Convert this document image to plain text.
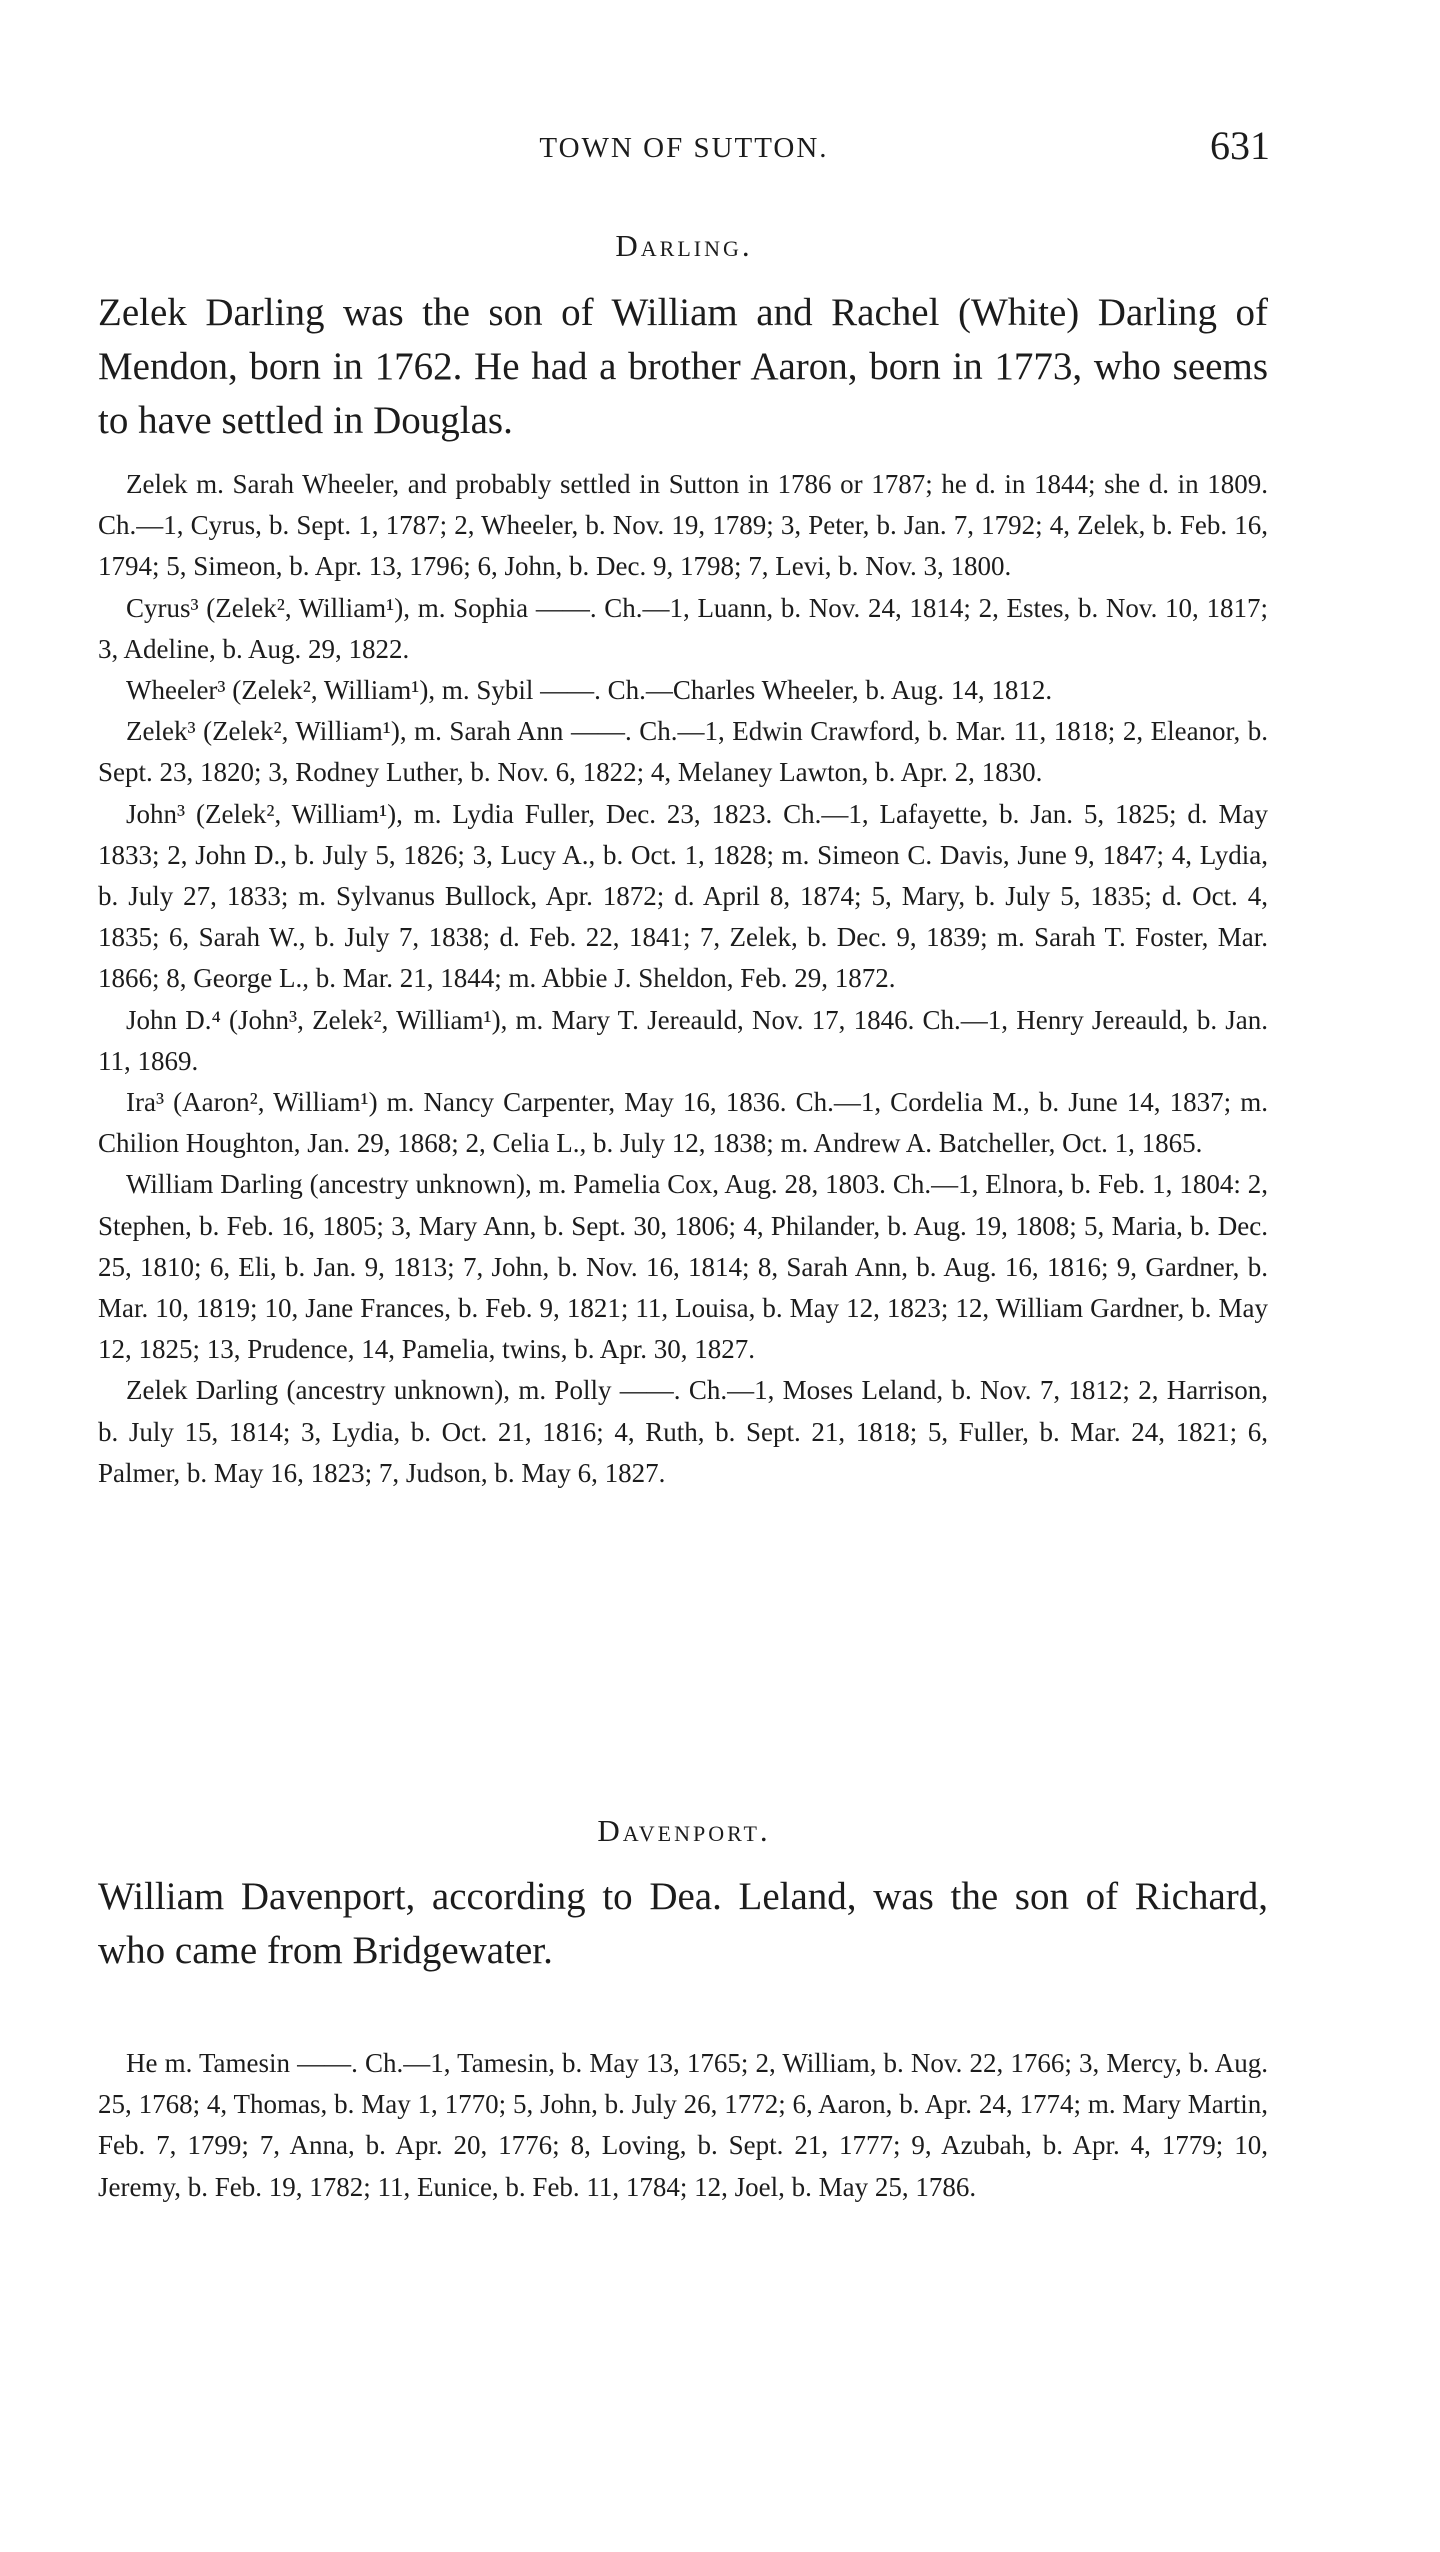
TOWN OF SUTTON.	631
Darling.
Zelek Darling was the son of William and Rachel (White) Darling of Mendon, born in 1762. He had a brother Aaron, born in 1773, who seems to have settled in Douglas.

Zelek m. Sarah Wheeler, and probably settled in Sutton in 1786 or 1787; he d. in 1844; she d. in 1809. Ch.—1, Cyrus, b. Sept. 1, 1787; 2, Wheeler, b. Nov. 19, 1789; 3, Peter, b. Jan. 7, 1792; 4, Zelek, b. Feb. 16, 1794; 5, Simeon, b. Apr. 13, 1796; 6, John, b. Dec. 9, 1798; 7, Levi, b. Nov. 3, 1800.

Cyrus³ (Zelek², William¹), m. Sophia ——. Ch.—1, Luann, b. Nov. 24, 1814; 2, Estes, b. Nov. 10, 1817; 3, Adeline, b. Aug. 29, 1822.

Wheeler³ (Zelek², William¹), m. Sybil ——. Ch.—Charles Wheeler, b. Aug. 14, 1812.

Zelek³ (Zelek², William¹), m. Sarah Ann ——. Ch.—1, Edwin Crawford, b. Mar. 11, 1818; 2, Eleanor, b. Sept. 23, 1820; 3, Rodney Luther, b. Nov. 6, 1822; 4, Melaney Lawton, b. Apr. 2, 1830.

John³ (Zelek², William¹), m. Lydia Fuller, Dec. 23, 1823. Ch.—1, Lafayette, b. Jan. 5, 1825; d. May 1833; 2, John D., b. July 5, 1826; 3, Lucy A., b. Oct. 1, 1828; m. Simeon C. Davis, June 9, 1847; 4, Lydia, b. July 27, 1833; m. Sylvanus Bullock, Apr. 1872; d. April 8, 1874; 5, Mary, b. July 5, 1835; d. Oct. 4, 1835; 6, Sarah W., b. July 7, 1838; d. Feb. 22, 1841; 7, Zelek, b. Dec. 9, 1839; m. Sarah T. Foster, Mar. 1866; 8, George L., b. Mar. 21, 1844; m. Abbie J. Sheldon, Feb. 29, 1872.

John D.⁴ (John³, Zelek², William¹), m. Mary T. Jereauld, Nov. 17, 1846. Ch.—1, Henry Jereauld, b. Jan. 11, 1869.

Ira³ (Aaron², William¹) m. Nancy Carpenter, May 16, 1836. Ch.—1, Cordelia M., b. June 14, 1837; m. Chilion Houghton, Jan. 29, 1868; 2, Celia L., b. July 12, 1838; m. Andrew A. Batcheller, Oct. 1, 1865.

William Darling (ancestry unknown), m. Pamelia Cox, Aug. 28, 1803. Ch.—1, Elnora, b. Feb. 1, 1804: 2, Stephen, b. Feb. 16, 1805; 3, Mary Ann, b. Sept. 30, 1806; 4, Philander, b. Aug. 19, 1808; 5, Maria, b. Dec. 25, 1810; 6, Eli, b. Jan. 9, 1813; 7, John, b. Nov. 16, 1814; 8, Sarah Ann, b. Aug. 16, 1816; 9, Gardner, b. Mar. 10, 1819; 10, Jane Frances, b. Feb. 9, 1821; 11, Louisa, b. May 12, 1823; 12, William Gardner, b. May 12, 1825; 13, Prudence, 14, Pamelia, twins, b. Apr. 30, 1827.

Zelek Darling (ancestry unknown), m. Polly ——. Ch.—1, Moses Leland, b. Nov. 7, 1812; 2, Harrison, b. July 15, 1814; 3, Lydia, b. Oct. 21, 1816; 4, Ruth, b. Sept. 21, 1818; 5, Fuller, b. Mar. 24, 1821; 6, Palmer, b. May 16, 1823; 7, Judson, b. May 6, 1827.

Davenport.
William Davenport, according to Dea. Leland, was the son of Richard, who came from Bridgewater.

He m. Tamesin ——. Ch.—1, Tamesin, b. May 13, 1765; 2, William, b. Nov. 22, 1766; 3, Mercy, b. Aug. 25, 1768; 4, Thomas, b. May 1, 1770; 5, John, b. July 26, 1772; 6, Aaron, b. Apr. 24, 1774; m. Mary Martin, Feb. 7, 1799; 7, Anna, b. Apr. 20, 1776; 8, Loving, b. Sept. 21, 1777; 9, Azubah, b. Apr. 4, 1779; 10, Jeremy, b. Feb. 19, 1782; 11, Eunice, b. Feb. 11, 1784; 12, Joel, b. May 25, 1786.
